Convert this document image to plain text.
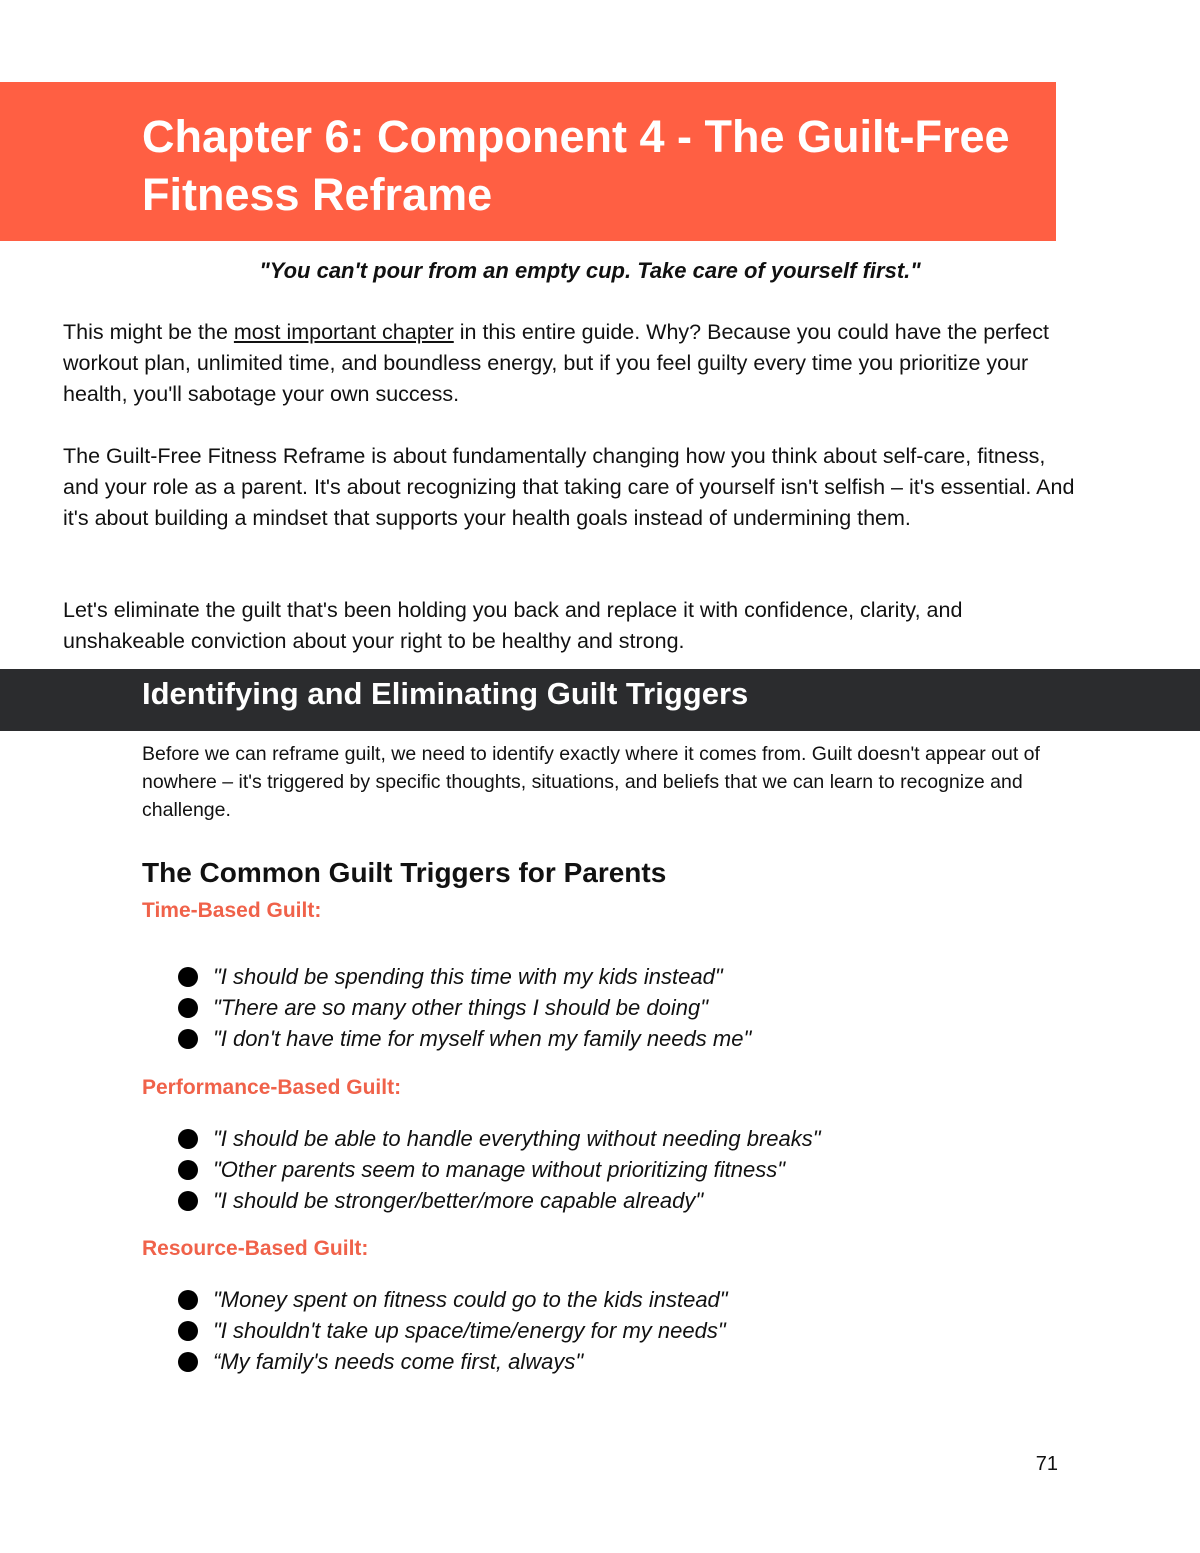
Chapter 6: Component 4 - The Guilt-Free Fitness Reframe

"You can't pour from an empty cup. Take care of yourself first."

This might be the most important chapter in this entire guide. Why? Because you could have the perfect workout plan, unlimited time, and boundless energy, but if you feel guilty every time you prioritize your health, you'll sabotage your own success.

The Guilt-Free Fitness Reframe is about fundamentally changing how you think about self-care, fitness, and your role as a parent. It's about recognizing that taking care of yourself isn't selfish – it's essential. And it's about building a mindset that supports your health goals instead of undermining them.

Let's eliminate the guilt that's been holding you back and replace it with confidence, clarity, and unshakeable conviction about your right to be healthy and strong.

Identifying and Eliminating Guilt Triggers

Before we can reframe guilt, we need to identify exactly where it comes from. Guilt doesn't appear out of nowhere – it's triggered by specific thoughts, situations, and beliefs that we can learn to recognize and challenge.

The Common Guilt Triggers for Parents
Time-Based Guilt:
"I should be spending this time with my kids instead"
"There are so many other things I should be doing"
"I don't have time for myself when my family needs me"
Performance-Based Guilt:
"I should be able to handle everything without needing breaks"
"Other parents seem to manage without prioritizing fitness"
"I should be stronger/better/more capable already"
Resource-Based Guilt:
"Money spent on fitness could go to the kids instead"
"I shouldn't take up space/time/energy for my needs"
“My family's needs come first, always"

71
